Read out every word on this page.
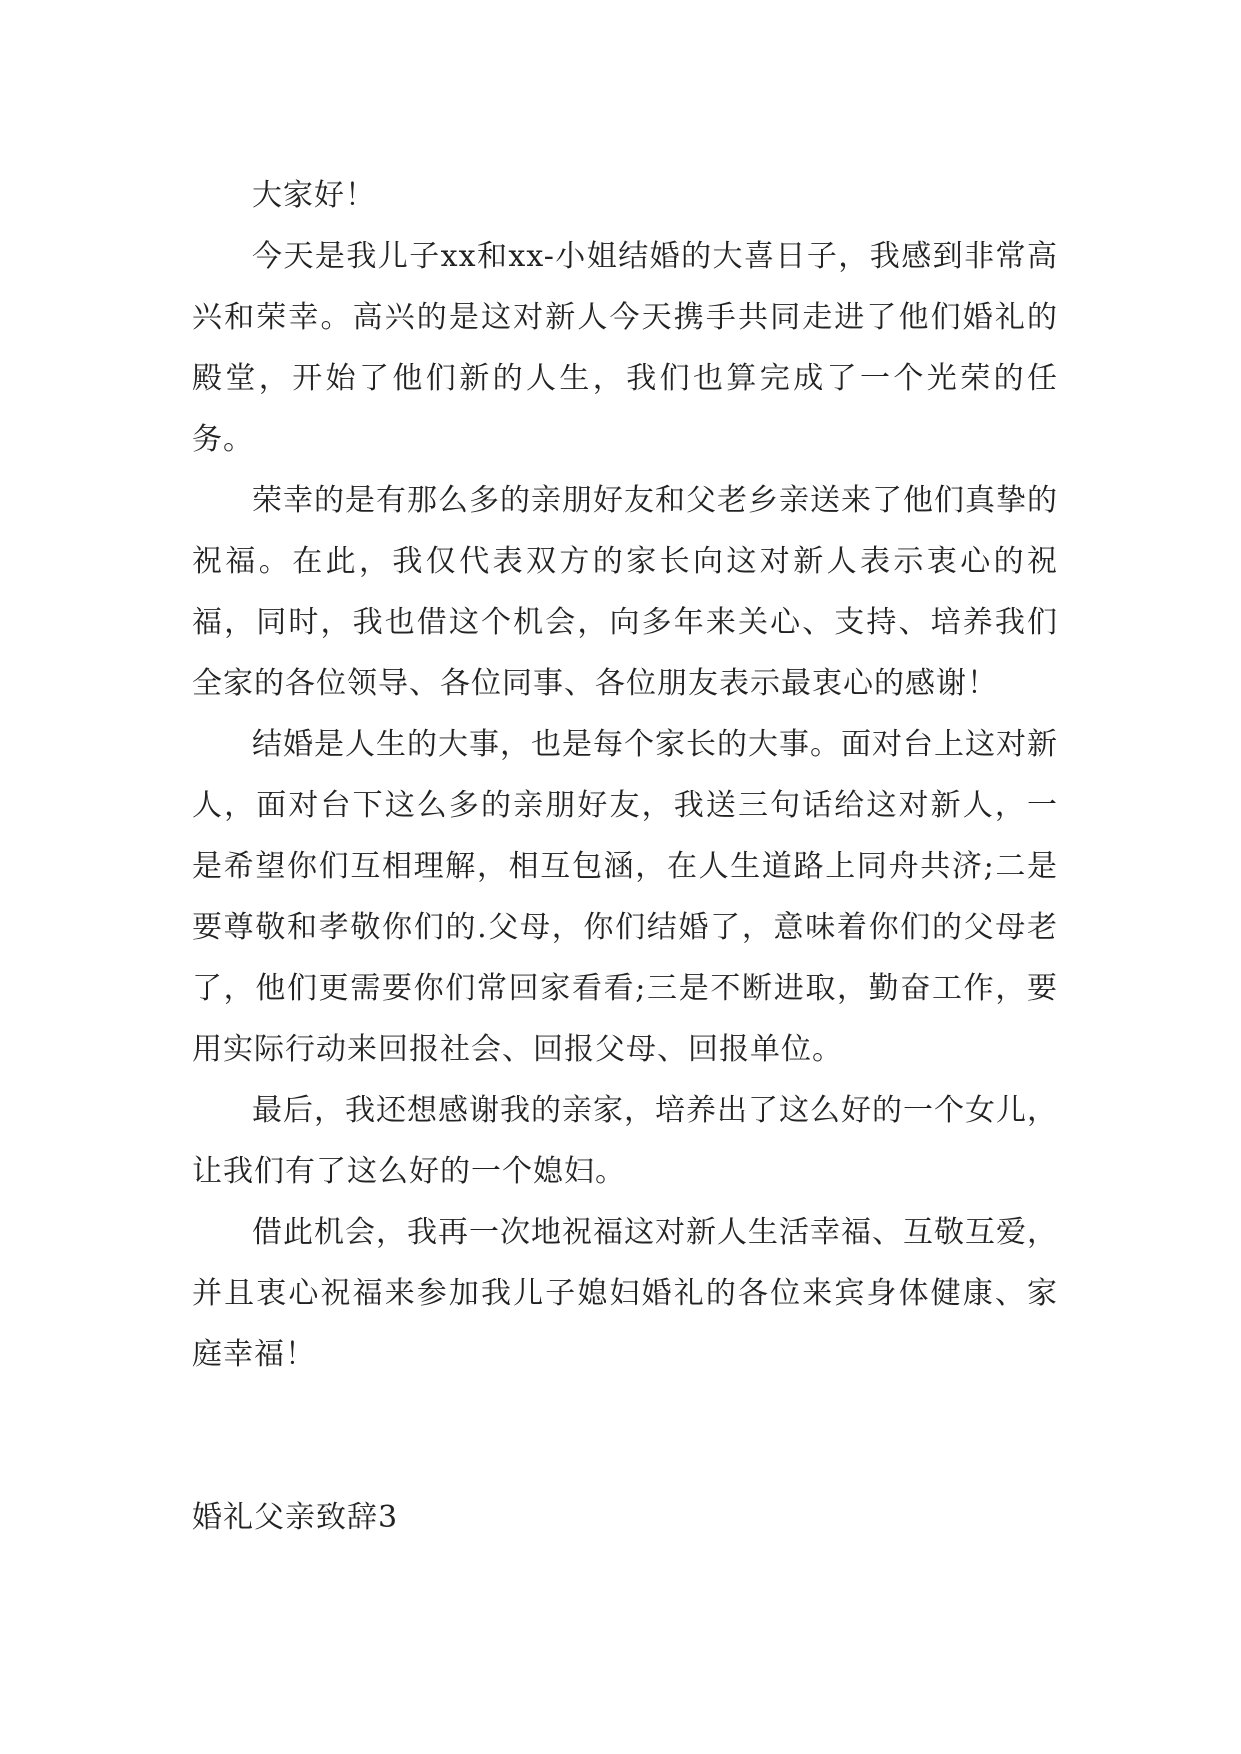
大家好！

今天是我儿子xx和xx-小姐结婚的大喜日子，我感到非常高兴和荣幸。高兴的是这对新人今天携手共同走进了他们婚礼的殿堂，开始了他们新的人生，我们也算完成了一个光荣的任务。

荣幸的是有那么多的亲朋好友和父老乡亲送来了他们真挚的祝福。在此，我仅代表双方的家长向这对新人表示衷心的祝福，同时，我也借这个机会，向多年来关心、支持、培养我们全家的各位领导、各位同事、各位朋友表示最衷心的感谢！

结婚是人生的大事，也是每个家长的大事。面对台上这对新人，面对台下这么多的亲朋好友，我送三句话给这对新人，一是希望你们互相理解，相互包涵，在人生道路上同舟共济;二是要尊敬和孝敬你们的.父母，你们结婚了，意味着你们的父母老了，他们更需要你们常回家看看;三是不断进取，勤奋工作，要用实际行动来回报社会、回报父母、回报单位。

最后，我还想感谢我的亲家，培养出了这么好的一个女儿，让我们有了这么好的一个媳妇。

借此机会，我再一次地祝福这对新人生活幸福、互敬互爱，并且衷心祝福来参加我儿子媳妇婚礼的各位来宾身体健康、家庭幸福！

婚礼父亲致辞3
